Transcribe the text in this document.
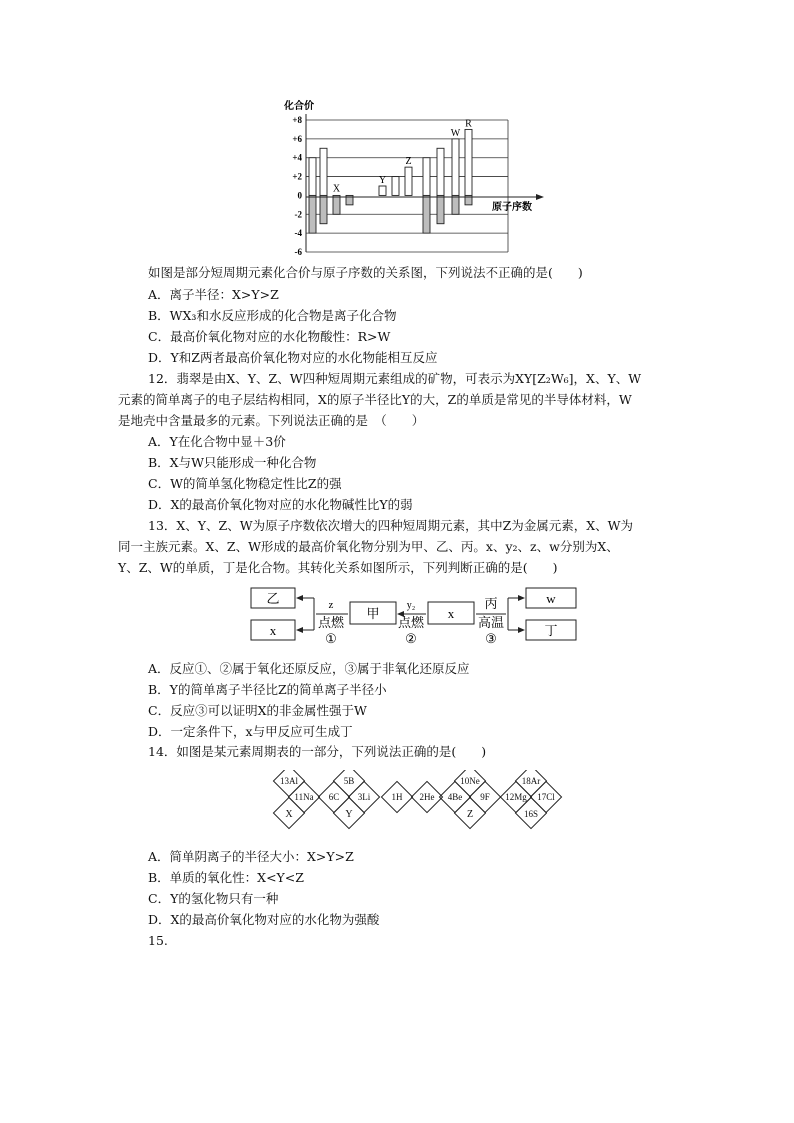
化合价
+8
+6
+4
+2
0
-2
-4
-6
X
Y
Z
W
R
原子序数
如图是部分短周期元素化合价与原子序数的关系图，下列说法不正确的是(　　)
A．离子半径：X>Y>Z
B．WX₃和水反应形成的化合物是离子化合物
C．最高价氧化物对应的水化物酸性：R>W
D．Y和Z两者最高价氧化物对应的水化物能相互反应
12．翡翠是由X、Y、Z、W四种短周期元素组成的矿物，可表示为XY[Z₂W₆]，X、Y、W
元素的简单离子的电子层结构相同，X的原子半径比Y的大，Z的单质是常见的半导体材料，W
是地壳中含量最多的元素。下列说法正确的是　（　　）
A．Y在化合物中显＋3价
B．X与W只能形成一种化合物
C．W的简单氢化物稳定性比Z的强
D．X的最高价氧化物对应的水化物碱性比Y的弱
13．X、Y、Z、W为原子序数依次增大的四种短周期元素，其中Z为金属元素，X、W为
同一主族元素。X、Z、W形成的最高价氧化物分别为甲、乙、丙。x、y₂、z、w分别为X、
Y、Z、W的单质，丁是化合物。其转化关系如图所示，下列判断正确的是(　　)
乙
x
z
点燃
①
甲
y₂
点燃
②
x
丙
高温
③
w
丁
A．反应①、②属于氧化还原反应，③属于非氧化还原反应
B．Y的简单离子半径比Z的简单离子半径小
C．反应③可以证明X的非金属性强于W
D．一定条件下，x与甲反应可生成丁
14．如图是某元素周期表的一部分，下列说法正确的是(　　)
13Al
11Na
X
5B
6C 3Li
Y
1H 2He
10Ne
4Be 9F
Z
18Ar
12Mg 17Cl
16S
A．简单阴离子的半径大小：X>Y>Z
B．单质的氧化性：X<Y<Z
C．Y的氢化物只有一种
D．X的最高价氧化物对应的水化物为强酸
15.
